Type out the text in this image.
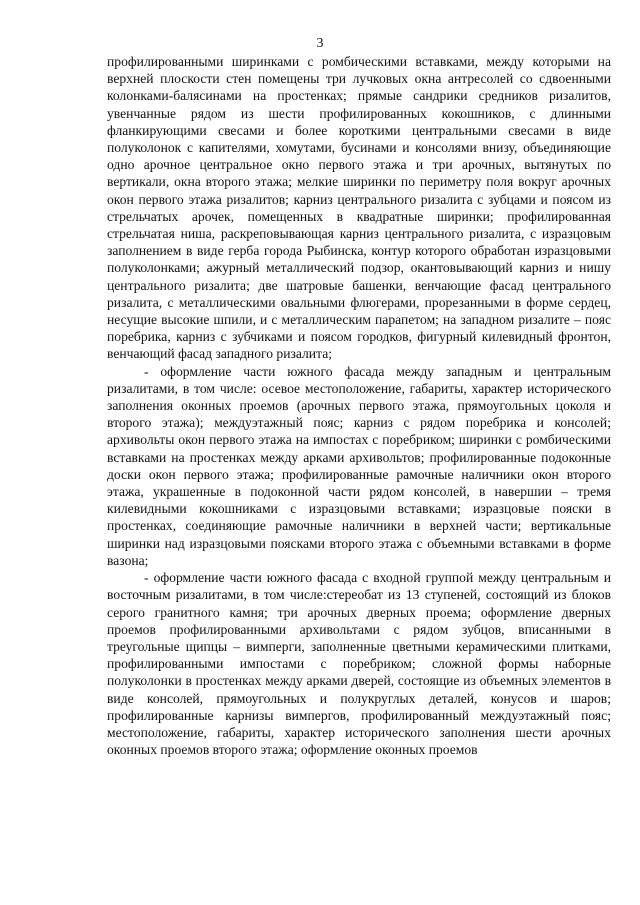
3

профилированными ширинками с ромбическими вставками, между которыми на верхней плоскости стен помещены три лучковых окна антресолей со сдвоенными колонками-балясинами на простенках; прямые сандрики средников ризалитов, увенчанные рядом из шести профилированных кокошников, с длинными фланкирующими свесами и более короткими центральными свесами в виде полуколонок с капителями, хомутами, бусинами и консолями внизу, объединяющие одно арочное центральное окно первого этажа и три арочных, вытянутых по вертикали, окна второго этажа; мелкие ширинки по периметру поля вокруг арочных окон первого этажа ризалитов; карниз центрального ризалита с зубцами и поясом из стрельчатых арочек, помещенных в квадратные ширинки; профилированная стрельчатая ниша, раскреповывающая карниз центрального ризалита, с изразцовым заполнением в виде герба города Рыбинска, контур которого обработан изразцовыми полуколонками; ажурный металлический подзор, окантовывающий карниз и нишу центрального ризалита; две шатровые башенки, венчающие фасад центрального ризалита, с металлическими овальными флюгерами, прорезанными в форме сердец, несущие высокие шпили, и с металлическим парапетом; на западном ризалите – пояс поребрика, карниз с зубчиками и поясом городков, фигурный килевидный фронтон, венчающий фасад западного ризалита;

- оформление части южного фасада между западным и центральным ризалитами, в том числе: осевое местоположение, габариты, характер исторического заполнения оконных проемов (арочных первого этажа, прямоугольных цоколя и второго этажа); междуэтажный пояс; карниз с рядом поребрика и консолей; архивольты окон первого этажа на импостах с поребриком; ширинки с ромбическими вставками на простенках между арками архивольтов; профилированные подоконные доски окон первого этажа; профилированные рамочные наличники окон второго этажа, украшенные в подоконной части рядом консолей, в навершии – тремя килевидными кокошниками с изразцовыми вставками; изразцовые пояски в простенках, соединяющие рамочные наличники в верхней части; вертикальные ширинки над изразцовыми поясками второго этажа с объемными вставками в форме вазона;

- оформление части южного фасада с входной группой между центральным и восточным ризалитами, в том числе:стереобат из 13 ступеней, состоящий из блоков серого гранитного камня; три арочных дверных проема; оформление дверных проемов профилированными архивольтами с рядом зубцов, вписанными в треугольные щипцы – вимперги, заполненные цветными керамическими плитками, профилированными импостами с поребриком; сложной формы наборные полуколонки в простенках между арками дверей, состоящие из объемных элементов в виде консолей, прямоугольных и полукруглых деталей, конусов и шаров; профилированные карнизы вимпергов, профилированный междуэтажный пояс; местоположение, габариты, характер исторического заполнения шести арочных оконных проемов второго этажа; оформление оконных проемов
